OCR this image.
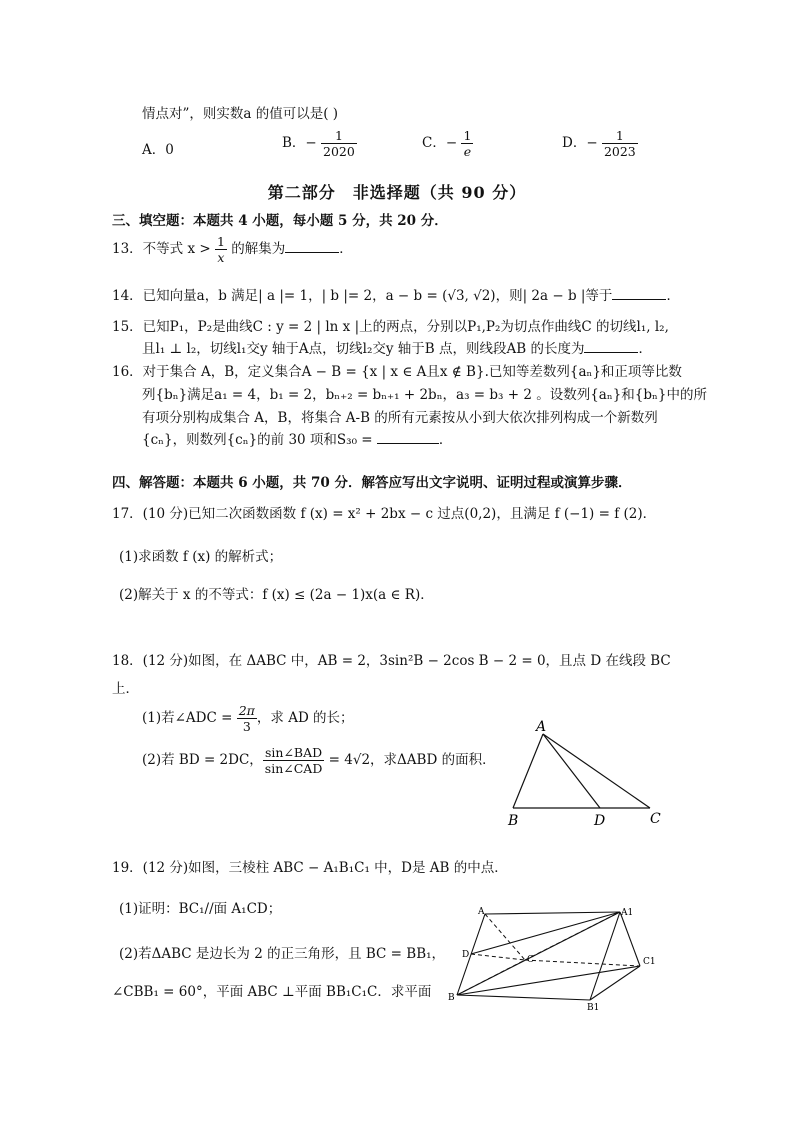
情点对”，则实数a 的值可以是( )
A．0	B．− $\frac{1}{2020}$	C．− $\frac{1}{e}$	D．− $\frac{1}{2023}$
第二部分　非选择题（共 90 分）
三、填空题：本题共 4 小题，每小题 5 分，共 20 分．
13．不等式 $x > \frac{1}{x}$ 的解集为	．
14．已知向量a，b 满足| a |= 1，| b |= 2，a − b = (√3, √2)，则| 2a − b |等于	．
15．已知P₁，P₂是曲线C : y = 2 | ln x |上的两点，分别以P₁,P₂为切点作曲线C 的切线l₁, l₂,
且l₁ ⊥ l₂，切线l₁交y 轴于A点，切线l₂交y 轴于B 点，则线段AB 的长度为	．
16．对于集合 A，B，定义集合A − B = {x | x ∈ A且x ∉ B}.已知等差数列{aₙ}和正项等比数
列{bₙ}满足a₁ = 4，b₁ = 2，bₙ₊₂ = bₙ₊₁ + 2bₙ，a₃ = b₃ + 2 。设数列{aₙ}和{bₙ}中的所
有项分别构成集合 A，B，将集合 A-B 的所有元素按从小到大依次排列构成一个新数列
{cₙ}，则数列{cₙ}的前 30 项和S₃₀ =	．
四、解答题：本题共 6 小题，共 70 分．解答应写出文字说明、证明过程或演算步骤．
17．(10 分)已知二次函数函数 f (x) = x² + 2bx − c 过点(0,2)，且满足 f (−1) = f (2)．
(1)求函数 f (x) 的解析式；
(2)解关于 x 的不等式：f (x) ≤ (2a − 1)x(a ∈ R)．
18．(12 分)如图，在 ΔABC 中，AB = 2，3sin²B − 2cos B − 2 = 0，且点 D 在线段 BC
上．
(1)若∠ADC = $\frac{2\pi}{3}$ ，求 AD 的长；
(2)若 BD = 2DC， $\frac{\text{sin∠BAD}}{\text{sin∠CAD}} = 4√2$，求ΔABD 的面积．
A
B	D	C
19．(12 分)如图，三棱柱 ABC − A₁B₁C₁ 中，D是 AB 的中点．
(1)证明：BC₁//面 A₁CD；
(2)若ΔABC 是边长为 2 的正三角形，且 BC = BB₁，
∠CBB₁ = 60°，平面 ABC ⊥平面 BB₁C₁C．求平面
A	A1
D	C	C1
B
B1
